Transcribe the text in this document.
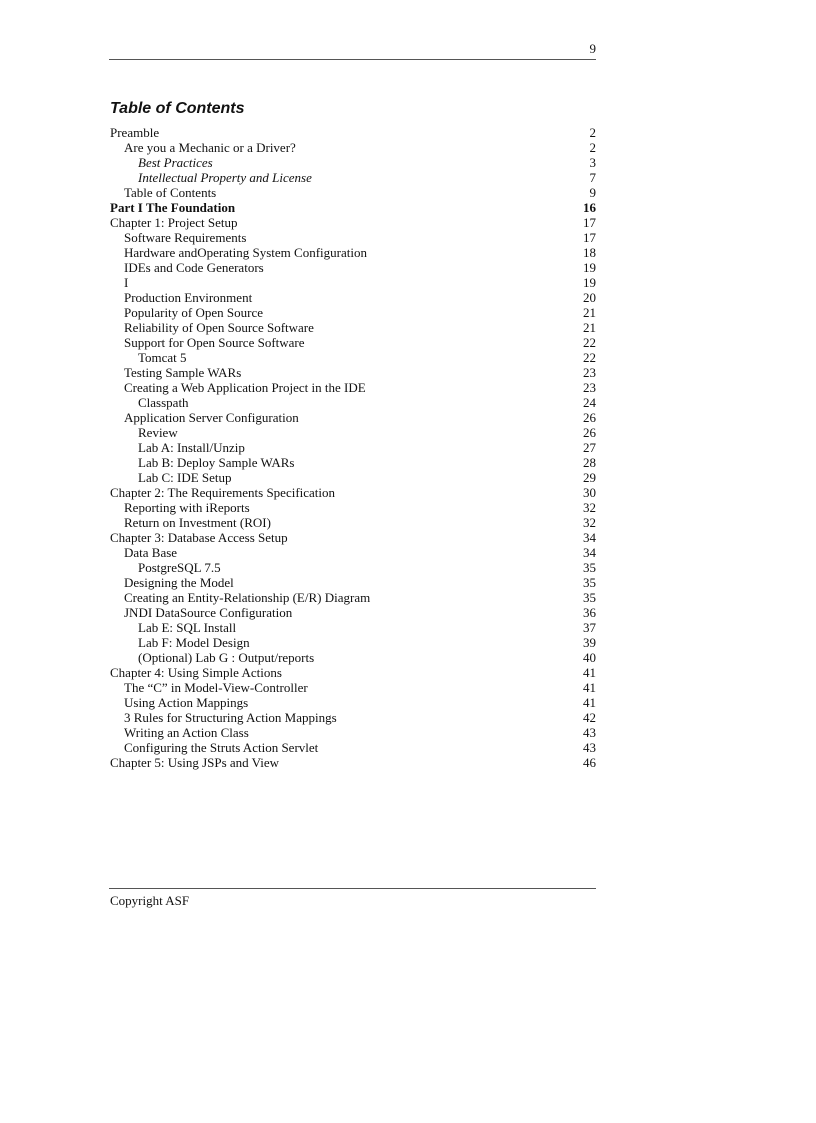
9
Table of Contents
Preamble	2
Are you a Mechanic or a Driver?	2
Best Practices	3
Intellectual Property and License	7
Table of Contents	9
Part I The Foundation	16
Chapter 1: Project Setup	17
Software Requirements	17
Hardware andOperating System Configuration	18
IDEs and Code Generators	19
I	19
Production Environment	20
Popularity of Open Source	21
Reliability of Open Source Software	21
Support for Open Source Software	22
Tomcat 5	22
Testing Sample WARs	23
Creating a Web Application Project in the IDE	23
Classpath	24
Application Server Configuration	26
Review	26
Lab A: Install/Unzip	27
Lab B: Deploy Sample WARs	28
Lab C: IDE Setup	29
Chapter 2: The Requirements Specification	30
Reporting with iReports	32
Return on Investment (ROI)	32
Chapter 3: Database Access Setup	34
Data Base	34
PostgreSQL 7.5	35
Designing the Model	35
Creating an Entity-Relationship (E/R) Diagram	35
JNDI DataSource Configuration	36
Lab E: SQL Install	37
Lab F: Model Design	39
(Optional) Lab G : Output/reports	40
Chapter 4: Using Simple Actions	41
The “C” in Model-View-Controller	41
Using Action Mappings	41
3 Rules for Structuring Action Mappings	42
Writing an Action Class	43
Configuring the Struts Action Servlet	43
Chapter 5: Using JSPs and View	46
Copyright ASF
